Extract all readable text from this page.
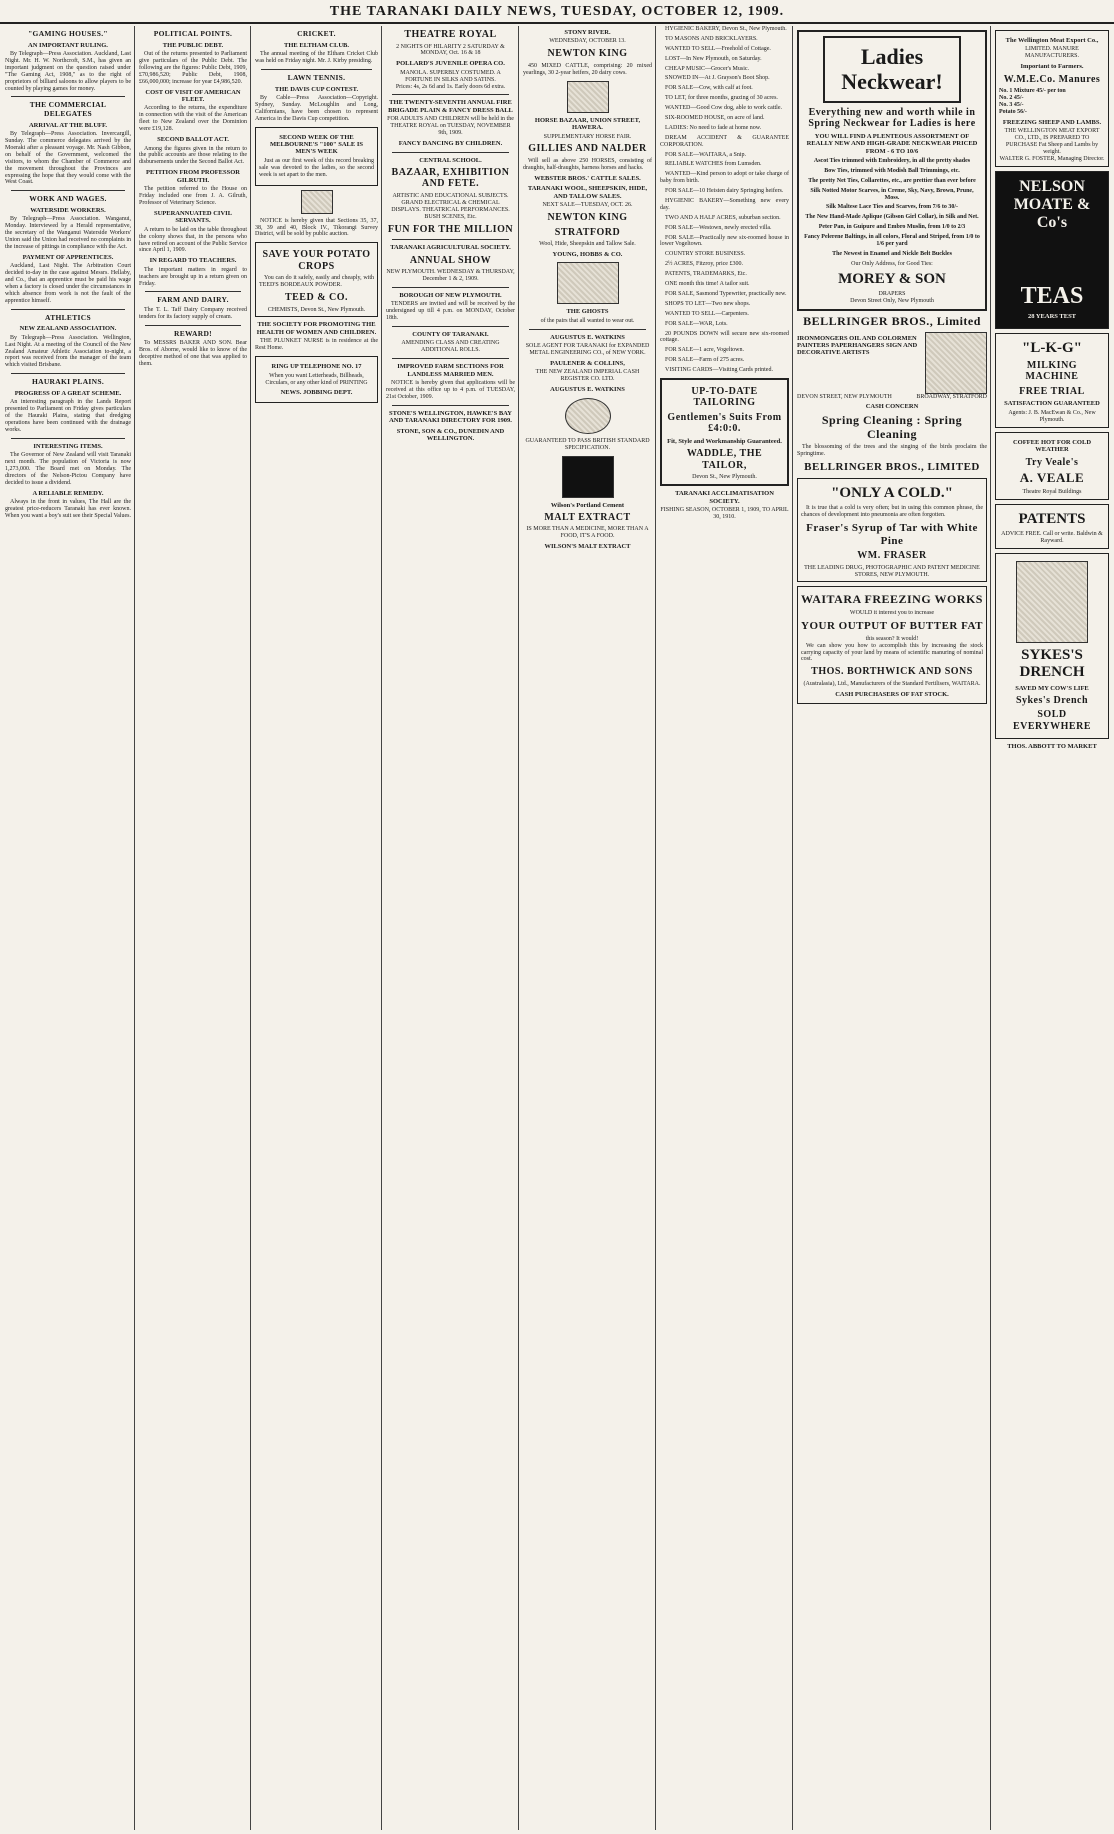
THE TARANAKI DAILY NEWS, TUESDAY, OCTOBER 12, 1909.
"GAMING HOUSES."
AN IMPORTANT RULING.
By Telegraph—Press Association. Auckland, Last Night. Mr. H. W. Northcroft, S.M., has given an important judgment on the question raised under "The Gaming Act, 1908," as to the right of proprietors of billiard saloons to allow players to be counted by playing games for money.
THE COMMERCIAL DELEGATES
ARRIVAL AT THE BLUFF.
By Telegraph—Press Association. Invercargill, Sunday. The commerce delegates arrived by the Moeraki after a pleasant voyage. Mr. Nash Gibbon, on behalf of the Government, welcomed the visitors, to whom the Chamber of Commerce and the movement throughout the Provinces are expressing the hope that they would come with the West Coast.
WORK AND WAGES.
WATERSIDE WORKERS.
By Telegraph—Press Association. Wanganui, Monday. Interviewed by a Herald representative, the secretary of the Wanganui Waterside Workers' Union said the Union had received no complaints in the increase of pittings in compliance with the Act.
PAYMENT OF APPRENTICES.
Auckland, Last Night. The Arbitration Court decided to-day in the case against Messrs. Hellaby, and Co., that an apprentice must be paid his wage when a factory is closed under the circumstances in which absence from work is not the fault of the apprentice himself.
ATHLETICS
NEW ZEALAND ASSOCIATION.
By Telegraph—Press Association. Wellington, Last Night. At a meeting of the Council of the New Zealand Amateur Athletic Association to-night, a report was received from the manager of the team which visited Brisbane.
HAURAKI PLAINS.
PROGRESS OF A GREAT SCHEME.
An interesting paragraph in the Lands Report presented to Parliament on Friday gives particulars of the Hauraki Plains, stating that dredging operations have been continued with the drainage works.
INTERESTING ITEMS.
The Governor of New Zealand will visit Taranaki next month. The population of Victoria is now 1,273,000. The Board met on Monday. The directors of the Nelson-Pictou Company have decided to issue a dividend.
A RELIABLE REMEDY.
Always in the front in values, The Hall are the greatest price-reducers Taranaki has ever known. When you want a boy's suit see their Special Values.
POLITICAL POINTS.
THE PUBLIC DEBT.
Out of the returns presented to Parliament give particulars of the Public Debt. The following are the figures: Public Debt, 1909, £70,986,520; Public Debt, 1908, £66,000,000; increase for year £4,986,520.
COST OF VISIT OF AMERICAN FLEET.
According to the returns, the expenditure in connection with the visit of the American fleet to New Zealand over the Dominion were £19,128.
SECOND BALLOT ACT.
Among the figures given in the return to the public accounts are those relating to the disbursements under the Second Ballot Act.
PETITION FROM PROFESSOR GILRUTH.
The petition referred to the House on Friday included one from J. A. Gilruth, Professor of Veterinary Science.
SUPERANNUATED CIVIL SERVANTS.
A return to be laid on the table throughout the colony shows that, in the persons who have retired on account of the Public Service since April 1, 1909.
IN REGARD TO TEACHERS.
The important matters in regard to teachers are brought up in a return given on Friday.
FARM AND DAIRY.
The T. L. Taff Dairy Company received tenders for its factory supply of cream.
REWARD!
To MESSRS BAKER AND SON. Bear Bros. of Aborne, would like to know of the deceptive method of one that was applied to them.
CRICKET.
THE ELTHAM CLUB.
The annual meeting of the Eltham Cricket Club was held on Friday night. Mr. J. Kirby presiding.
LAWN TENNIS.
THE DAVIS CUP CONTEST.
By Cable—Press Association—Copyright. Sydney, Sunday. McLoughlin and Long, Californians, have been chosen to represent America in the Davis Cup competition.
SECOND WEEK OF THE MELBOURNE'S "100" SALE IS MEN'S WEEK
Just as our first week of this record breaking sale was devoted to the ladies, so the second week is set apart to the men.
NOTICE is hereby given that Sections 35, 37, 38, 39 and 40, Block IV., Tikorangi Survey District, will be sold by public auction.
SAVE YOUR POTATO CROPS
You can do it safely, easily and cheaply, with TEED'S BORDEAUX POWDER.
TEED & CO.
CHEMISTS, Devon St., New Plymouth.
THE SOCIETY FOR PROMOTING THE HEALTH OF WOMEN AND CHILDREN.
THE PLUNKET NURSE is in residence at the Rest Home.
RING UP TELEPHONE NO. 17
When you want Letterheads, Billheads, Circulars, or any other kind of PRINTING
NEWS. JOBBING DEPT.
THEATRE ROYAL
2 NIGHTS OF HILARITY 2 SATURDAY & MONDAY, Oct. 16 & 18
POLLARD'S JUVENILE OPERA CO.
MANOLA. SUPERBLY COSTUMED. A FORTUNE IN SILKS AND SATINS.
Prices: 4s, 2s 6d and 1s. Early doors 6d extra.
THE TWENTY-SEVENTH ANNUAL FIRE BRIGADE PLAIN & FANCY DRESS BALL
FOR ADULTS AND CHILDREN will be held in the THEATRE ROYAL on TUESDAY, NOVEMBER 9th, 1909.
FANCY DANCING BY CHILDREN.
CENTRAL SCHOOL.
BAZAAR, EXHIBITION AND FETE.
ARTISTIC AND EDUCATIONAL SUBJECTS. GRAND ELECTRICAL & CHEMICAL DISPLAYS. THEATRICAL PERFORMANCES. BUSH SCENES, Etc.
FUN FOR THE MILLION
TARANAKI AGRICULTURAL SOCIETY.
ANNUAL SHOW
NEW PLYMOUTH. WEDNESDAY & THURSDAY, December 1 & 2, 1909.
BOROUGH OF NEW PLYMOUTH.
TENDERS are invited and will be received by the undersigned up till 4 p.m. on MONDAY, October 18th.
COUNTY OF TARANAKI.
AMENDING CLASS AND CREATING ADDITIONAL ROLLS.
IMPROVED FARM SECTIONS FOR LANDLESS MARRIED MEN.
NOTICE is hereby given that applications will be received at this office up to 4 p.m. of TUESDAY, 21st October, 1909.
STONE'S WELLINGTON, HAWKE'S BAY AND TARANAKI DIRECTORY FOR 1909.
STONE, SON & CO., DUNEDIN AND WELLINGTON.
STONY RIVER.
WEDNESDAY, OCTOBER 13.
NEWTON KING
450 MIXED CATTLE, comprising: 20 mixed yearlings, 30 2-year heifers, 20 dairy cows.
HORSE BAZAAR, UNION STREET, HAWERA.
SUPPLEMENTARY HORSE FAIR.
GILLIES AND NALDER
Will sell as above 250 HORSES, consisting of draughts, half-draughts, harness horses and hacks.
WEBSTER BROS.' CATTLE SALES.
TARANAKI WOOL, SHEEPSKIN, HIDE, AND TALLOW SALES.
NEXT SALE—TUESDAY, OCT. 26.
NEWTON KING
STRATFORD
Wool, Hide, Sheepskin and Tallow Sale.
YOUNG, HOBBS & CO.
THE GHOSTS
of the pairs that all wanted to wear out.
AUGUSTUS E. WATKINS
SOLE AGENT FOR TARANAKI for EXPANDED METAL ENGINEERING CO., of NEW YORK.
PAULENER & COLLINS,
THE NEW ZEALAND IMPERIAL CASH REGISTER CO. LTD.
AUGUSTUS E. WATKINS
GUARANTEED TO PASS BRITISH STANDARD SPECIFICATION.
Wilson's Portland Cement
MALT EXTRACT
IS MORE THAN A MEDICINE, MORE THAN A FOOD, IT'S A FOOD.
WILSON'S MALT EXTRACT
HYGIENIC BAKERY, Devon St., New Plymouth.
TO MASONS AND BRICKLAYERS.
WANTED TO SELL—Freehold of Cottage.
LOST—In New Plymouth, on Saturday.
CHEAP MUSIC—Grocer's Music.
SNOWED IN—At J. Grayson's Boot Shop.
FOR SALE—Cow, with calf at foot.
TO LET, for three months, grazing of 30 acres.
WANTED—Good Cow dog, able to work cattle.
SIX-ROOMED HOUSE, on acre of land.
LADIES: No need to fade at home now.
DREAM ACCIDENT & GUARANTEE CORPORATION.
FOR SALE—WAITARA, a Snip.
RELIABLE WATCHES from Lumsden.
WANTED—Kind person to adopt or take charge of baby from birth.
FOR SALE—10 Heisten dairy Springing heifers.
HYGIENIC BAKERY—Something new every day.
TWO AND A HALF ACRES, suburban section.
FOR SALE—Westown, newly erected villa.
FOR SALE—Practically new six-roomed house in lower Vogeltown.
COUNTRY STORE BUSINESS.
2½ ACRES, Fitzroy, price £300.
PATENTS, TRADEMARKS, Etc.
ONE month this time! A tailor suit.
FOR SALE, Sasmond Typewriter, practically new.
SHOPS TO LET—Two new shops.
WANTED TO SELL—Carpenters.
FOR SALE—WAR, Lots.
20 POUNDS DOWN will secure new six-roomed cottage.
FOR SALE—1 acre, Vogeltown.
FOR SALE—Farm of 275 acres.
VISITING CARDS—Visiting Cards printed.
UP-TO-DATE TAILORING
Gentlemen's Suits From £4:0:0.
Fit, Style and Workmanship Guaranteed.
WADDLE, THE TAILOR,
Devon St., New Plymouth.
TARANAKI ACCLIMATISATION SOCIETY.
FISHING SEASON, OCTOBER 1, 1909, TO APRIL 30, 1910.
Ladies Neckwear!
Everything new and worth while in Spring Neckwear for Ladies is here
YOU WILL FIND A PLENTEOUS ASSORTMENT OF REALLY NEW AND HIGH-GRADE NECKWEAR PRICED FROM - 6 TO 10/6
Ascot Ties trimmed with Embroidery, in all the pretty shades
Bow Ties, trimmed with Modish Ball Trimmings, etc.
The pretty Net Ties, Collarettes, etc., are prettier than ever before
Silk Notted Motor Scarves, in Creme, Sky, Navy, Brown, Prune, Moss.
Silk Maltese Lace Ties and Scarves, from 7/6 to 30/-
The New Hand-Made Aplique (Gibson Girl Collar), in Silk and Net.
Peter Pan, in Guipure and Embro Muslin, from 1/0 to 2/3
Fancy Pelerene Baltings, in all colors, Floral and Striped, from 1/0 to 1/6 per yard
The Newest in Enamel and Nickle Belt Buckles
Our Only Address, for Good Ties:
MOREY & SON
DRAPERS
Devon Street Only, New Plymouth
BELLRINGER BROS., Limited
IRONMONGERS OIL AND COLORMEN PAINTERS PAPERHANGERS SIGN AND DECORATIVE ARTISTS
DEVON STREET, NEW PLYMOUTH	BROADWAY, STRATFORD
CASH CONCERN
Spring Cleaning : Spring Cleaning
The blossoming of the trees and the singing of the birds proclaim the Springtime.
BELLRINGER BROS., LIMITED
"ONLY A COLD."
It is true that a cold is very often; but in using this common phrase, the chances of development into pneumonia are often forgotten.
Fraser's Syrup of Tar with White Pine
WM. FRASER
THE LEADING DRUG, PHOTOGRAPHIC AND PATENT MEDICINE STORES, NEW PLYMOUTH.
WAITARA FREEZING WORKS
WOULD it interest you to increase
YOUR OUTPUT OF BUTTER FAT
this season? It would!
We can show you how to accomplish this by increasing the stock carrying capacity of your land by means of scientific manuring of nominal cost.
THOS. BORTHWICK AND SONS
(Australasia), Ltd., Manufacturers of the Standard Fertilisers, WAITARA.
CASH PURCHASERS OF FAT STOCK.
The Wellington Meat Export Co.,
LIMITED. MANURE MANUFACTURERS.
Important to Farmers.
W.M.E.Co. Manures
No. 1 Mixture 45/- per ton
No. 2 45/-
No. 3 45/-
Potato 56/-
FREEZING SHEEP AND LAMBS.
THE WELLINGTON MEAT EXPORT CO., LTD., IS PREPARED TO PURCHASE Fat Sheep and Lambs by weight.
WALTER G. FOSTER, Managing Director.
NELSON MOATE & Co's
TEAS
28 YEARS TEST
"L-K-G"
MILKING MACHINE
FREE TRIAL
SATISFACTION GUARANTEED
Agents: J. B. MacEwan & Co., New Plymouth.
COFFEE HOT FOR COLD WEATHER
Try Veale's
A. VEALE
Theatre Royal Buildings
PATENTS
ADVICE FREE. Call or write. Baldwin & Rayward.
SYKES'S DRENCH
SAVED MY COW'S LIFE
Sykes's Drench
SOLD EVERYWHERE
THOS. ABBOTT TO MARKET
